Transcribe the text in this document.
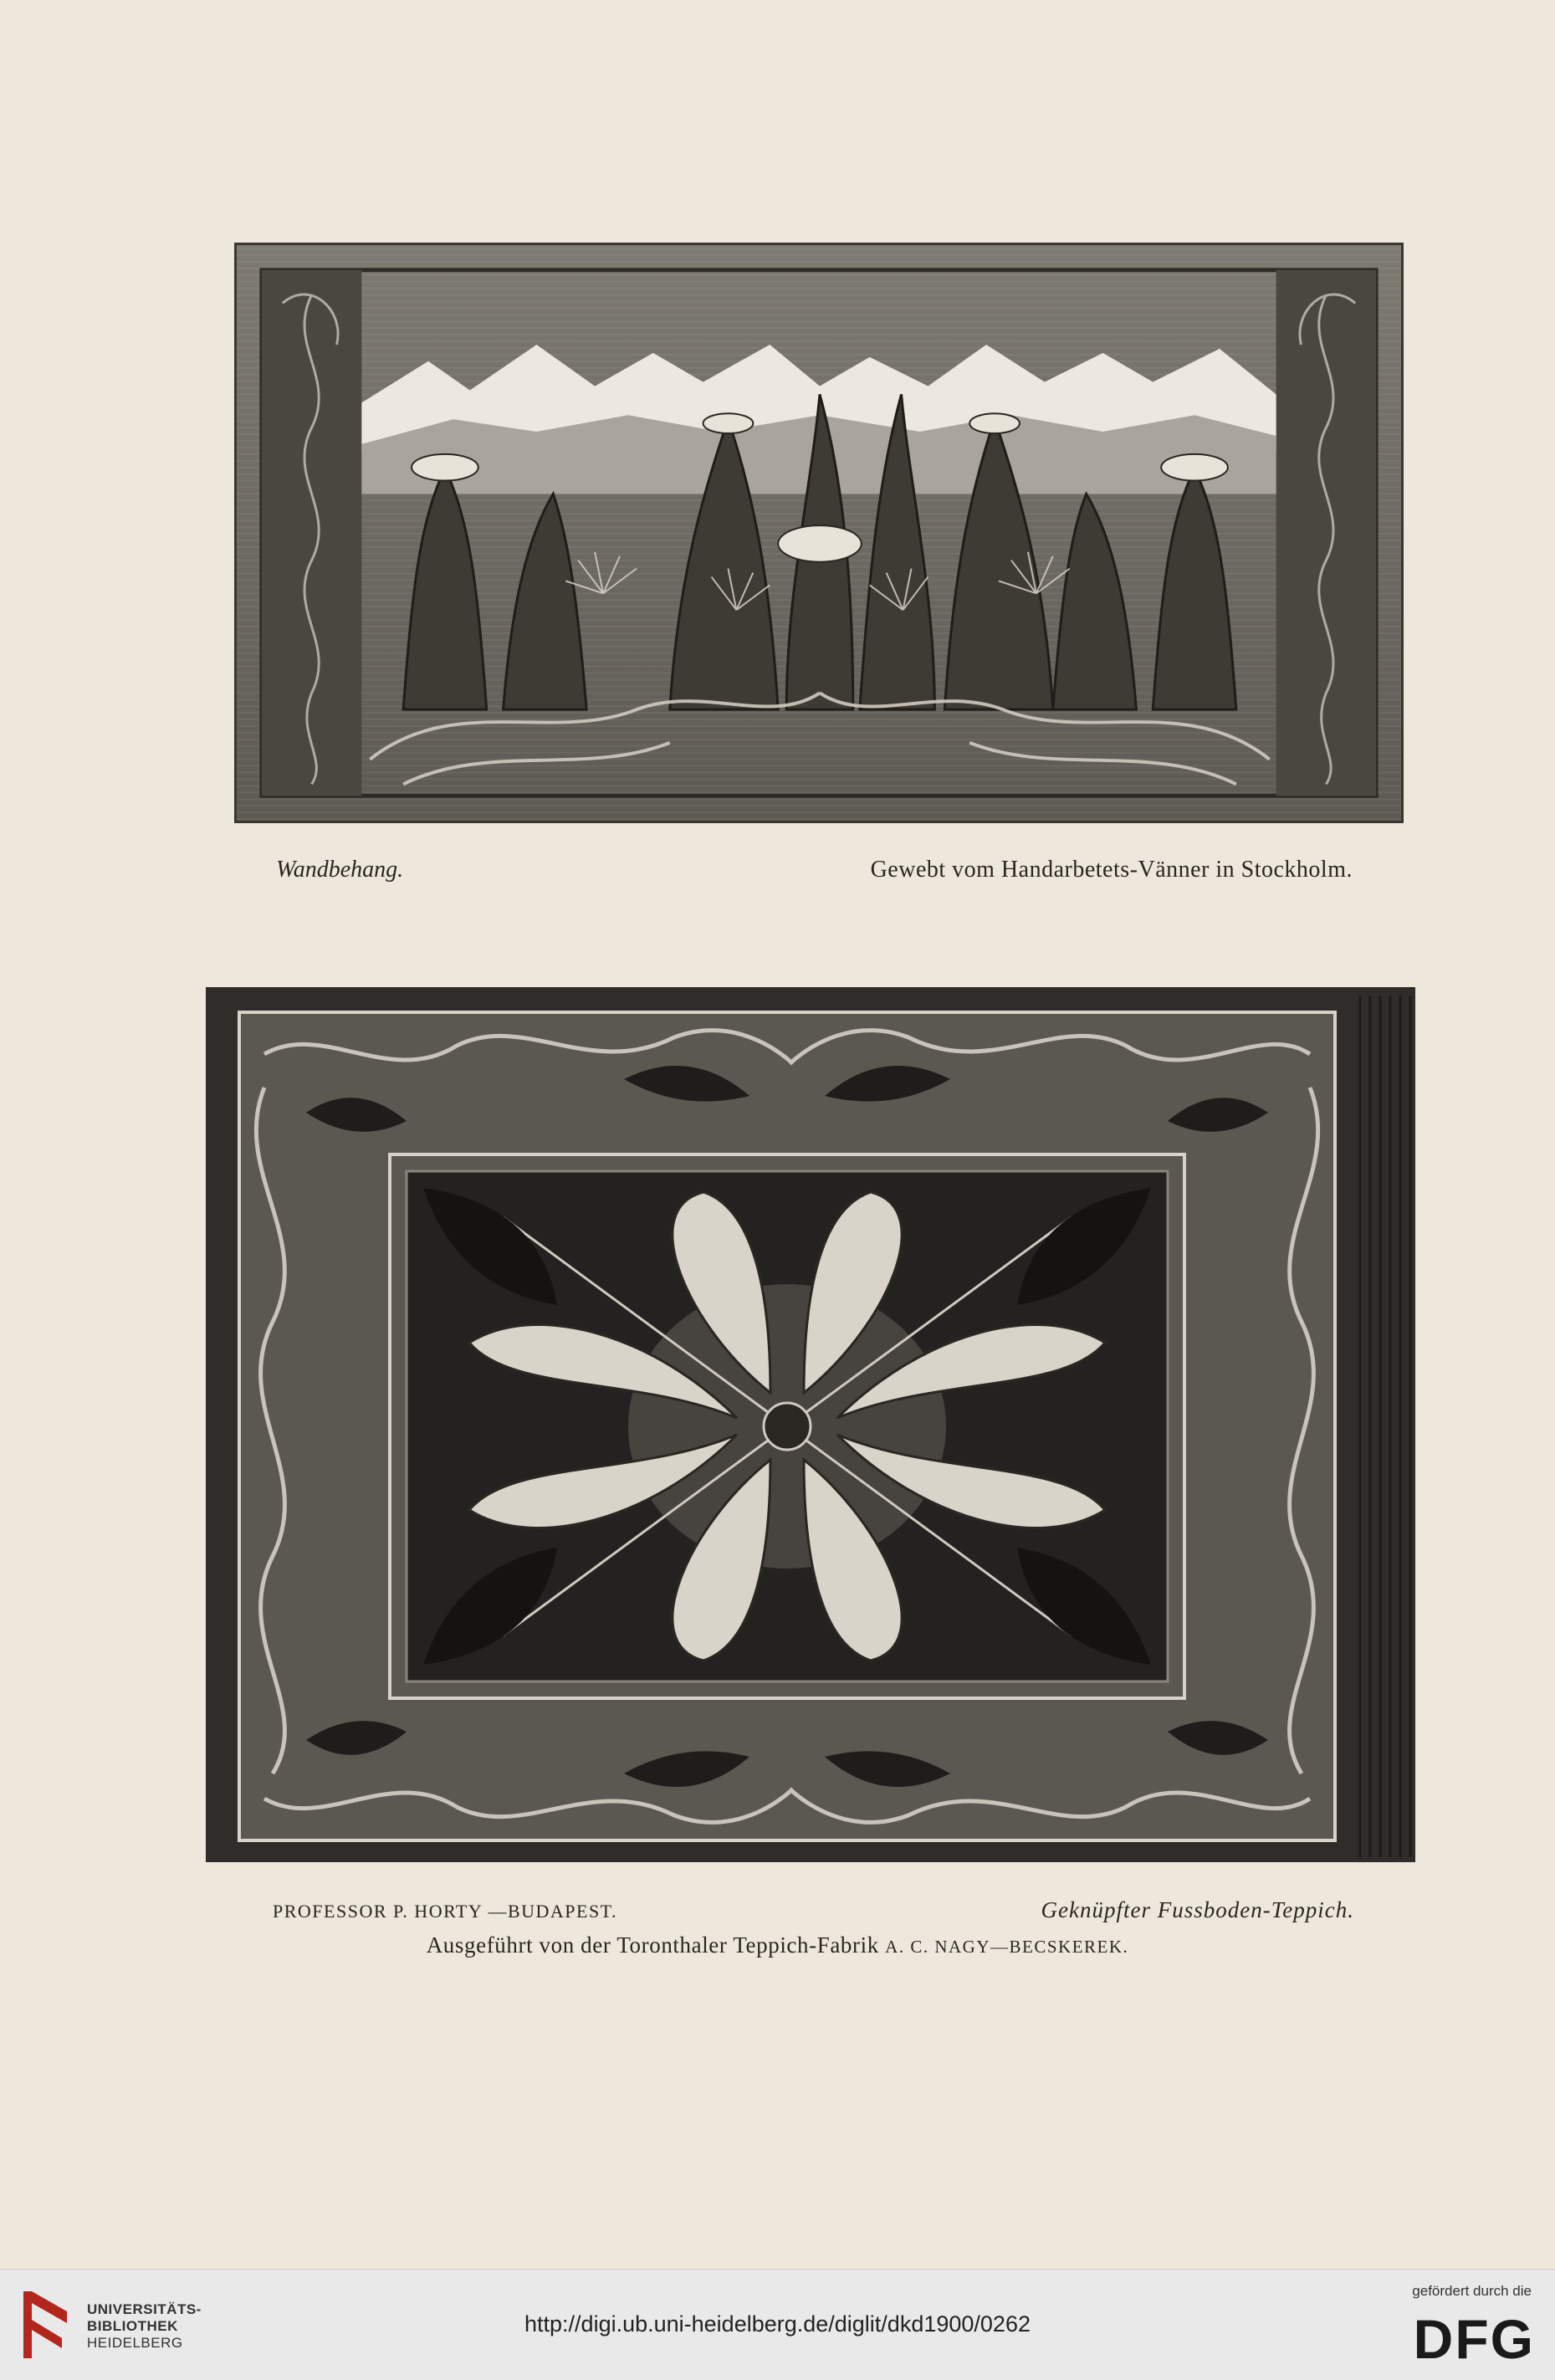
Wandbehang.	Gewebt vom Handarbetets-Vänner in Stockholm.
PROFESSOR P. HORTY —BUDAPEST.	Geknüpfter Fussboden-Teppich.
Ausgeführt von der Toronthaler Teppich-Fabrik A. C. NAGY—BECSKEREK.
UNIVERSITÄTS-
BIBLIOTHEK
HEIDELBERG
http://digi.ub.uni-heidelberg.de/diglit/dkd1900/0262
gefördert durch die
DFG
